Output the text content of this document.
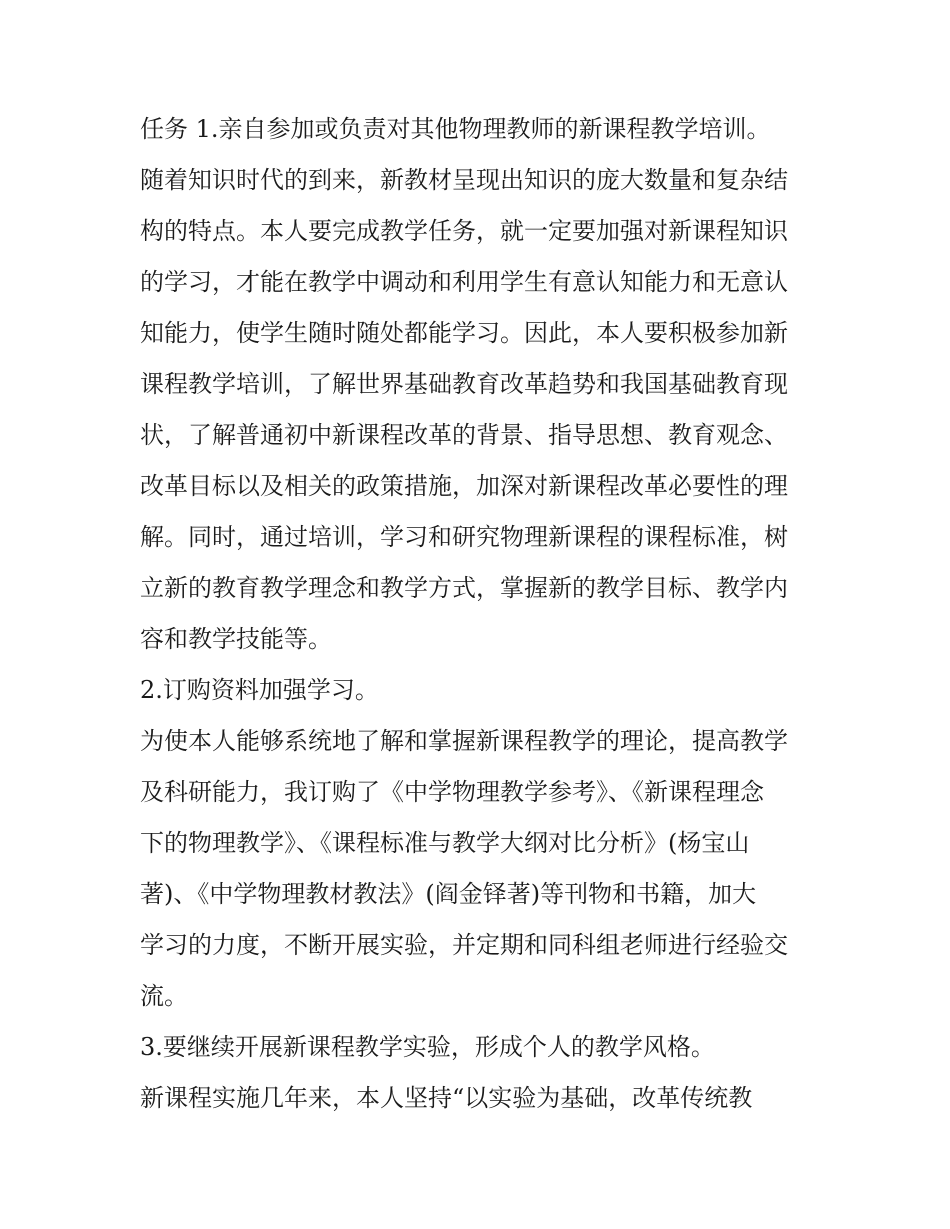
任务 1.亲自参加或负责对其他物理教师的新课程教学培训。
随着知识时代的到来，新教材呈现出知识的庞大数量和复杂结
构的特点。本人要完成教学任务，就一定要加强对新课程知识
的学习，才能在教学中调动和利用学生有意认知能力和无意认
知能力，使学生随时随处都能学习。因此，本人要积极参加新
课程教学培训，了解世界基础教育改革趋势和我国基础教育现
状，了解普通初中新课程改革的背景、指导思想、教育观念、
改革目标以及相关的政策措施，加深对新课程改革必要性的理
解。同时，通过培训，学习和研究物理新课程的课程标准，树
立新的教育教学理念和教学方式，掌握新的教学目标、教学内
容和教学技能等。
2.订购资料加强学习。
为使本人能够系统地了解和掌握新课程教学的理论，提高教学
及科研能力，我订购了《中学物理教学参考》、《新课程理念
下的物理教学》、《课程标准与教学大纲对比分析》(杨宝山
著)、《中学物理教材教法》(阎金铎著)等刊物和书籍，加大
学习的力度，不断开展实验，并定期和同科组老师进行经验交
流。
3.要继续开展新课程教学实验，形成个人的教学风格。
新课程实施几年来，本人坚持“以实验为基础，改革传统教
